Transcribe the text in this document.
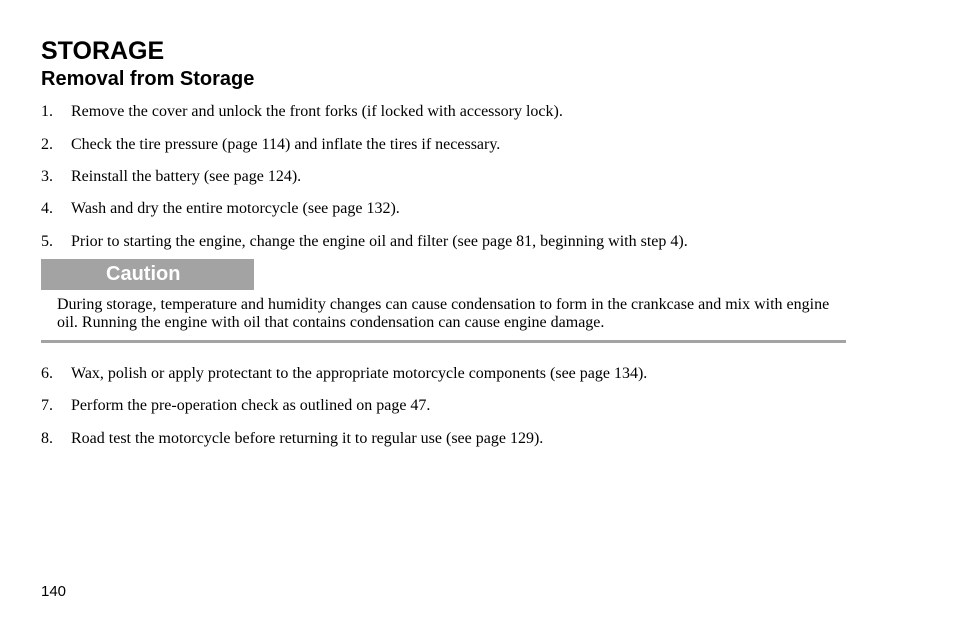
STORAGE
Removal from Storage
1. Remove the cover and unlock the front forks (if locked with accessory lock).
2. Check the tire pressure (page 114) and inflate the tires if necessary.
3. Reinstall the battery (see page 124).
4. Wash and dry the entire motorcycle (see page 132).
5. Prior to starting the engine, change the engine oil and filter (see page 81, beginning with step 4).
Caution
During storage, temperature and humidity changes can cause condensation to form in the crankcase and mix with engine oil. Running the engine with oil that contains condensation can cause engine damage.
6. Wax, polish or apply protectant to the appropriate motorcycle components (see page 134).
7. Perform the pre-operation check as outlined on page 47.
8. Road test the motorcycle before returning it to regular use (see page 129).
140
